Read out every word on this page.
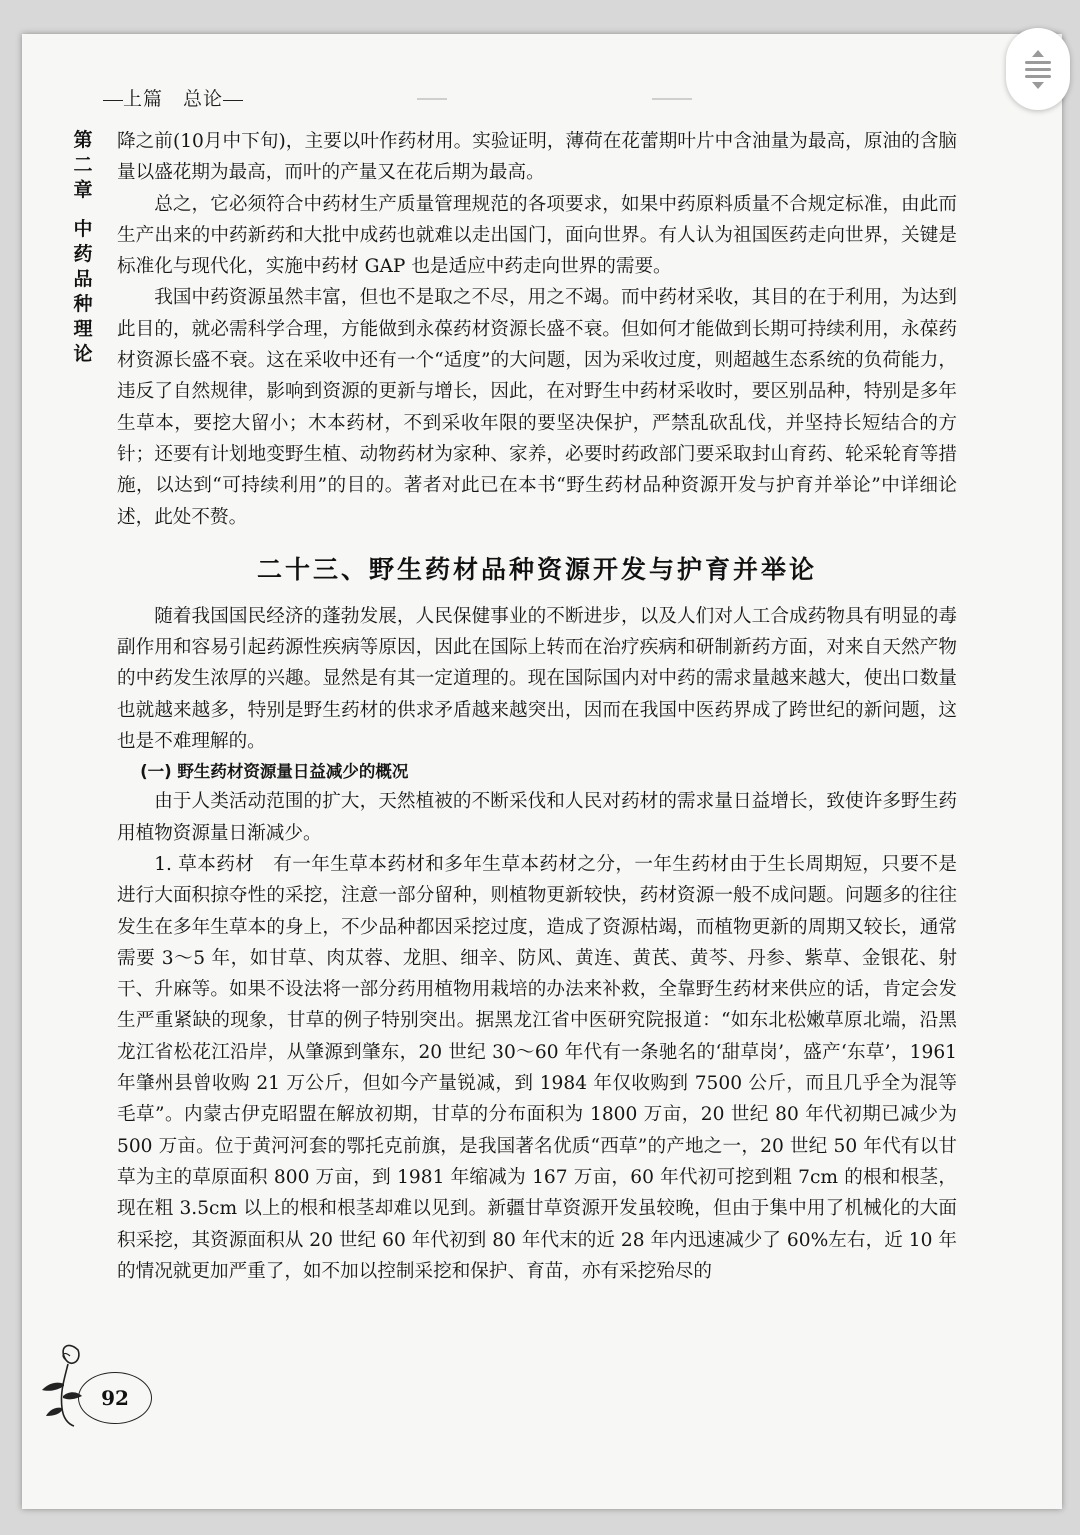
上篇　 总论
第
二
章
中
药
品
种
理
论

降之前(10月中下旬)，主要以叶作药材用。实验证明，薄荷在花蕾期叶片中含油量为最高，原油的含脑量以盛花期为最高，而叶的产量又在花后期为最高。

总之，它必须符合中药材生产质量管理规范的各项要求，如果中药原料质量不合规定标准，由此而生产出来的中药新药和大批中成药也就难以走出国门，面向世界。有人认为祖国医药走向世界，关键是标准化与现代化，实施中药材 GAP 也是适应中药走向世界的需要。

我国中药资源虽然丰富，但也不是取之不尽，用之不竭。而中药材采收，其目的在于利用，为达到此目的，就必需科学合理，方能做到永葆药材资源长盛不衰。但如何才能做到长期可持续利用，永葆药材资源长盛不衰。这在采收中还有一个“适度”的大问题，因为采收过度，则超越生态系统的负荷能力，违反了自然规律，影响到资源的更新与增长，因此，在对野生中药材采收时，要区别品种，特别是多年生草本，要挖大留小；木本药材，不到采收年限的要坚决保护，严禁乱砍乱伐，并坚持长短结合的方针；还要有计划地变野生植、动物药材为家种、家养，必要时药政部门要采取封山育药、轮采轮育等措施，以达到“可持续利用”的目的。著者对此已在本书“野生药材品种资源开发与护育并举论”中详细论述，此处不赘。

二十三、野生药材品种资源开发与护育并举论

随着我国国民经济的蓬勃发展，人民保健事业的不断进步，以及人们对人工合成药物具有明显的毒副作用和容易引起药源性疾病等原因，因此在国际上转而在治疗疾病和研制新药方面，对来自天然产物的中药发生浓厚的兴趣。显然是有其一定道理的。现在国际国内对中药的需求量越来越大，使出口数量也就越来越多，特别是野生药材的供求矛盾越来越突出，因而在我国中医药界成了跨世纪的新问题，这也是不难理解的。

(一) 野生药材资源量日益减少的概况

由于人类活动范围的扩大，天然植被的不断采伐和人民对药材的需求量日益增长，致使许多野生药用植物资源量日渐减少。

1. 草本药材　有一年生草本药材和多年生草本药材之分，一年生药材由于生长周期短，只要不是进行大面积掠夺性的采挖，注意一部分留种，则植物更新较快，药材资源一般不成问题。问题多的往往发生在多年生草本的身上，不少品种都因采挖过度，造成了资源枯竭，而植物更新的周期又较长，通常需要 3～5 年，如甘草、肉苁蓉、龙胆、细辛、防风、黄连、黄芪、黄芩、丹参、紫草、金银花、射干、升麻等。如果不设法将一部分药用植物用栽培的办法来补救，全靠野生药材来供应的话，肯定会发生严重紧缺的现象，甘草的例子特别突出。据黑龙江省中医研究院报道：“如东北松嫩草原北端，沿黑龙江省松花江沿岸，从肇源到肇东，20 世纪 30～60 年代有一条驰名的‘甜草岗’，盛产‘东草’，1961 年肇州县曾收购 21 万公斤，但如今产量锐减，到 1984 年仅收购到 7500 公斤，而且几乎全为混等毛草”。内蒙古伊克昭盟在解放初期，甘草的分布面积为 1800 万亩，20 世纪 80 年代初期已减少为 500 万亩。位于黄河河套的鄂托克前旗，是我国著名优质“西草”的产地之一，20 世纪 50 年代有以甘草为主的草原面积 800 万亩，到 1981 年缩减为 167 万亩，60 年代初可挖到粗 7cm 的根和根茎，现在粗 3.5cm 以上的根和根茎却难以见到。新疆甘草资源开发虽较晚，但由于集中用了机械化的大面积采挖，其资源面积从 20 世纪 60 年代初到 80 年代末的近 28 年内迅速减少了 60%左右，近 10 年的情况就更加严重了，如不加以控制采挖和保护、育苗，亦有采挖殆尽的

92
